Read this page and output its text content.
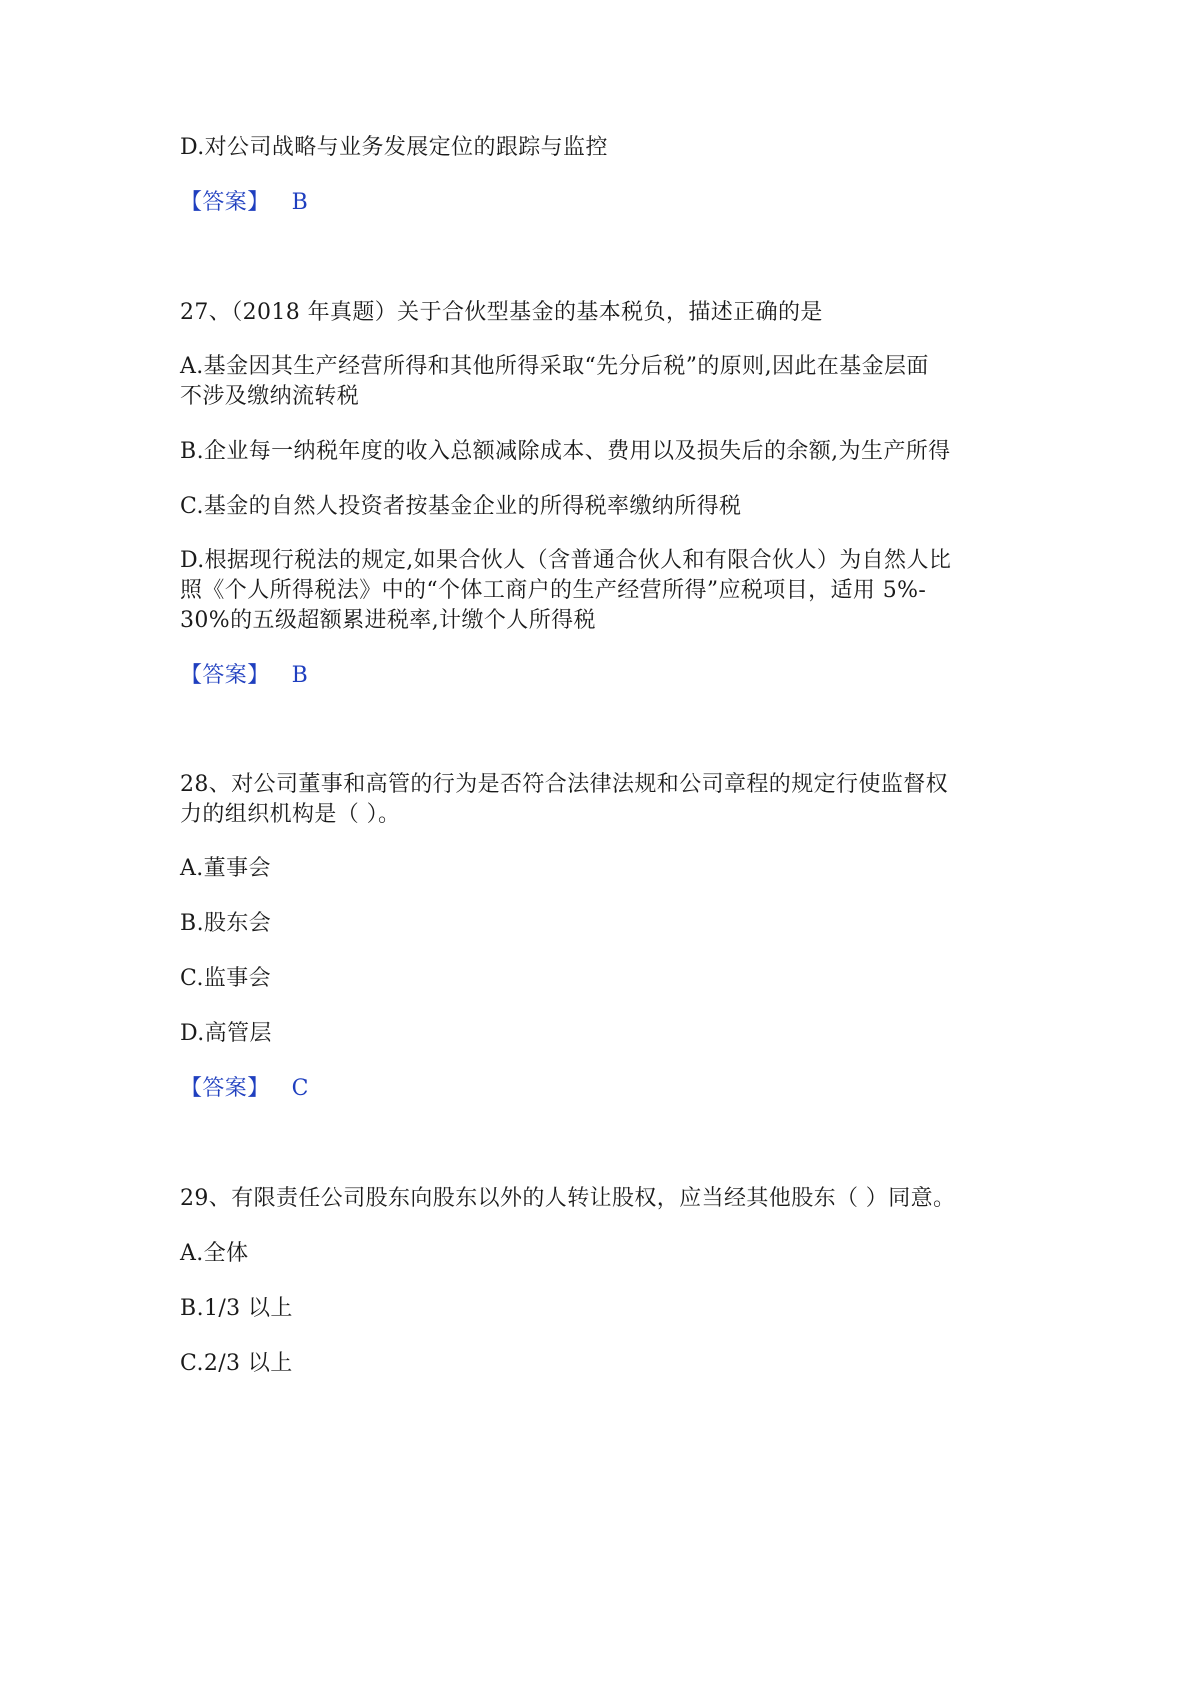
D.对公司战略与业务发展定位的跟踪与监控
【答案】 B
27、（2018 年真题）关于合伙型基金的基本税负，描述正确的是
A.基金因其生产经营所得和其他所得采取“先分后税”的原则,因此在基金层面
不涉及缴纳流转税
B.企业每一纳税年度的收入总额减除成本、费用以及损失后的余额,为生产所得
C.基金的自然人投资者按基金企业的所得税率缴纳所得税
D.根据现行税法的规定,如果合伙人（含普通合伙人和有限合伙人）为自然人比
照《个人所得税法》中的“个体工商户的生产经营所得”应税项目，适用 5%-
30%的五级超额累进税率,计缴个人所得税
【答案】 B
28、对公司董事和高管的行为是否符合法律法规和公司章程的规定行使监督权
力的组织机构是（ ）。
A.董事会
B.股东会
C.监事会
D.高管层
【答案】 C
29、有限责任公司股东向股东以外的人转让股权，应当经其他股东（ ）同意。
A.全体
B.1/3 以上
C.2/3 以上
